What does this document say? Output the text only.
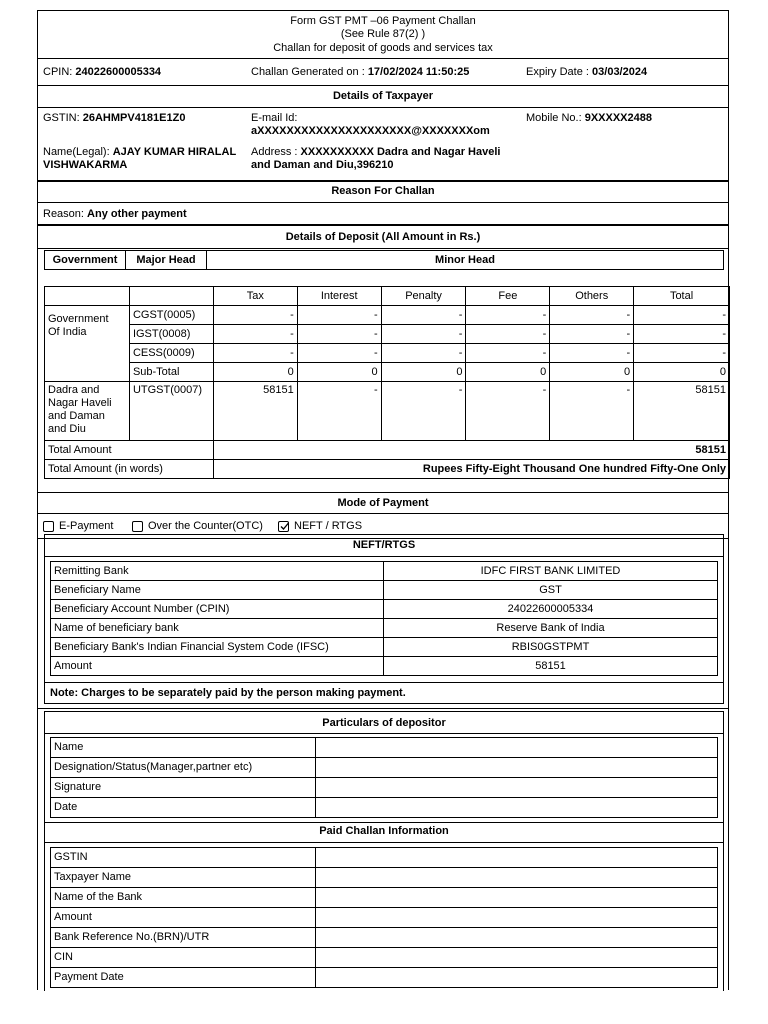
Form GST PMT –06 Payment Challan
(See Rule 87(2) )
Challan for deposit of goods and services tax
CPIN: 24022600005334	Challan Generated on : 17/02/2024 11:50:25	Expiry Date : 03/03/2024
Details of Taxpayer
GSTIN: 26AHMPV4181E1Z0	E-mail Id:
aXXXXXXXXXXXXXXXXXXXXX@XXXXXXXom
Mobile No.: 9XXXXX2488
Name(Legal): AJAY KUMAR HIRALAL
VISHWAKARMA
Address : XXXXXXXXXX Dadra and Nagar Haveli
and Daman and Diu,396210
Reason For Challan
Reason: Any other payment
Details of Deposit (All Amount in Rs.)
Government	Major Head	Minor Head
		Tax	Interest	Penalty	Fee	Others	Total

Government
Of India	CGST(0005)	-	-	-	-	-	-
	IGST(0008)	-	-	-	-	-	-
	CESS(0009)	-	-	-	-	-	-
	Sub-Total	0	0	0	0	0	0

Dadra and
Nagar Haveli
and Daman
and Diu	UTGST(0007)	58151	-	-	-	-	58151
Total Amount		58151					
Total Amount (in words)		Rupees Fifty-Eight Thousand One hundred Fifty-One Only					
Mode of Payment
E-Payment	Over the Counter(OTC)	NEFT / RTGS
NEFT/RTGS
Remitting Bank	IDFC FIRST BANK LIMITED
Beneficiary Name	GST
Beneficiary Account Number (CPIN)	24022600005334
Name of beneficiary bank	Reserve Bank of India
Beneficiary Bank's Indian Financial System Code (IFSC)	RBIS0GSTPMT
Amount	58151
Note: Charges to be separately paid by the person making payment.
Particulars of depositor
Name	
Designation/Status(Manager,partner etc)	
Signature	
Date	
Paid Challan Information
GSTIN	
Taxpayer Name	
Name of the Bank	
Amount	
Bank Reference No.(BRN)/UTR	
CIN	
Payment Date	
